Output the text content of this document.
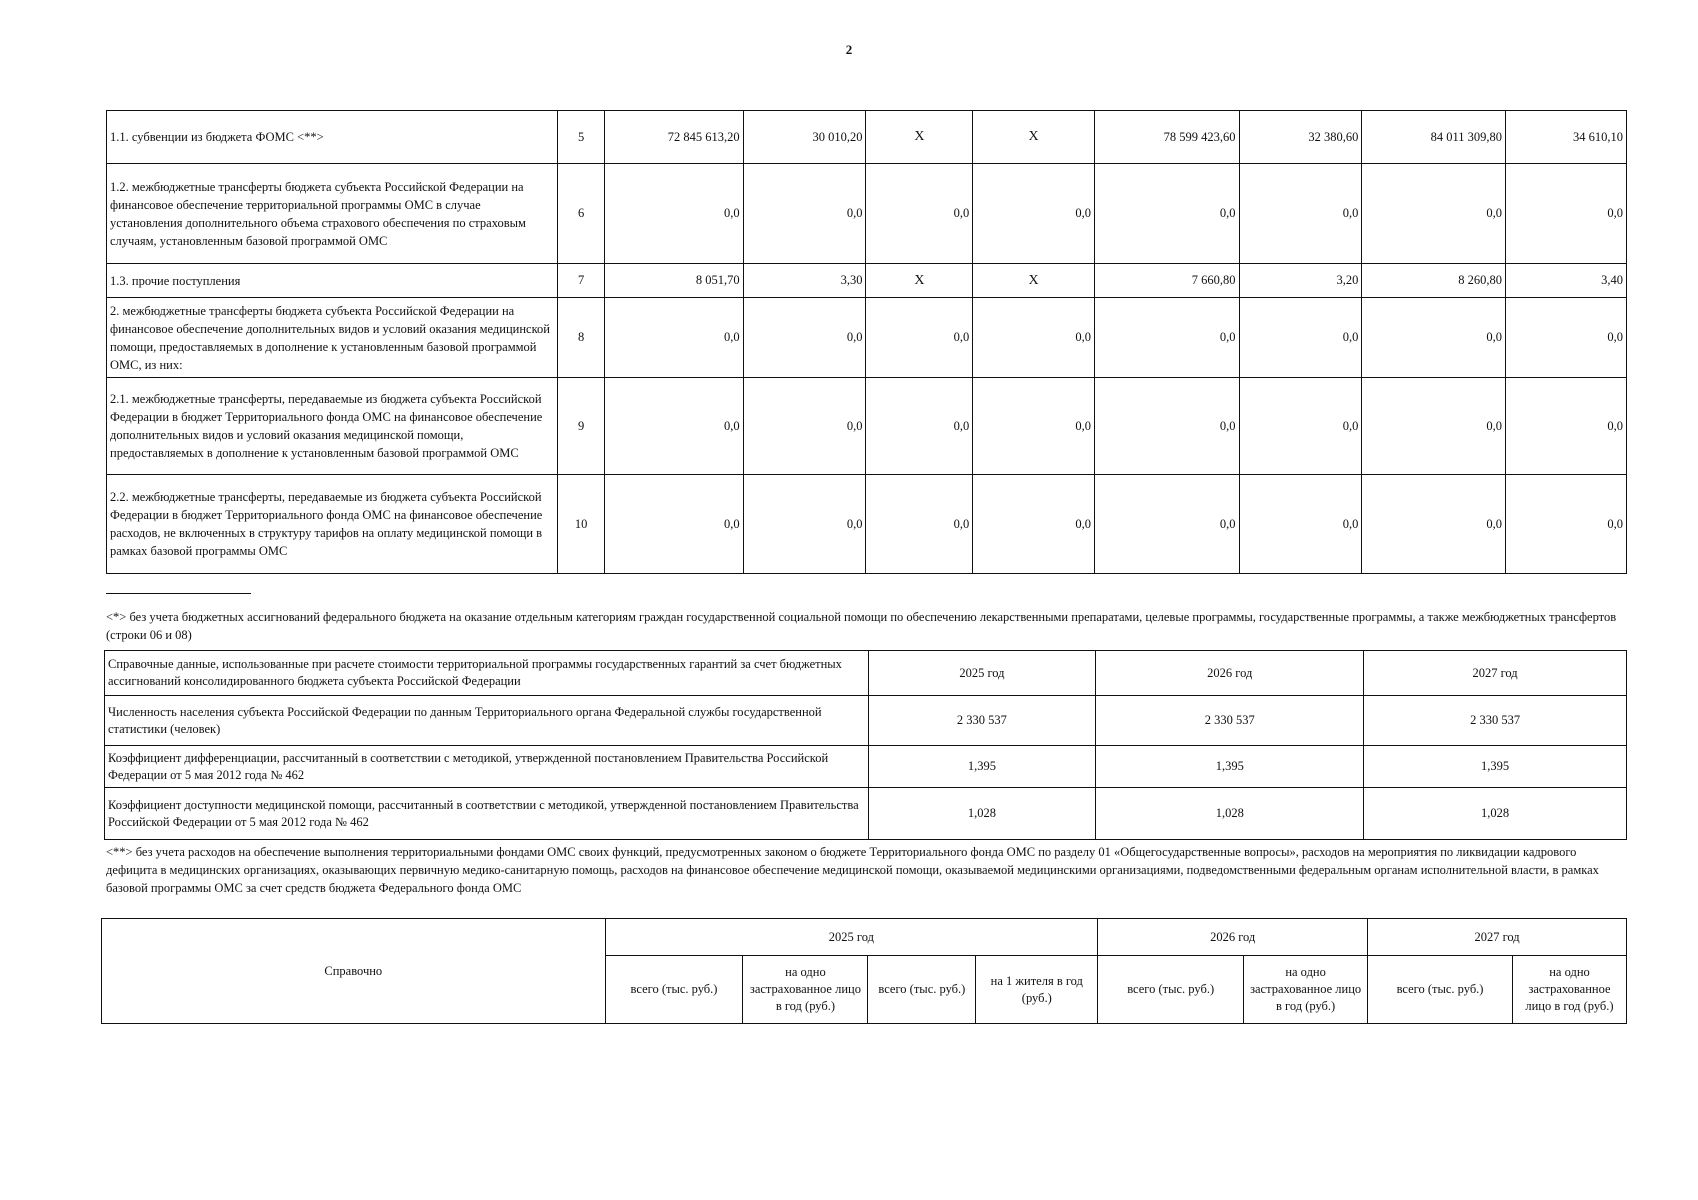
2
1.1. субвенции из бюджета ФОМС <**>	5	72 845 613,20	30 010,20	X	X	78 599 423,60	32 380,60	84 011 309,80	34 610,10
1.2. межбюджетные трансферты бюджета субъекта Российской Федерации на финансовое обеспечение территориальной программы ОМС в случае установления дополнительного объема страхового обеспечения по страховым случаям, установленным базовой программой ОМС	6	0,0	0,0	0,0	0,0	0,0	0,0	0,0	0,0
1.3. прочие поступления	7	8 051,70	3,30	X	X	7 660,80	3,20	8 260,80	3,40
2. межбюджетные трансферты бюджета субъекта Российской Федерации на финансовое обеспечение дополнительных видов и условий оказания медицинской помощи, предоставляемых в дополнение к установленным базовой программой ОМС, из них:	8	0,0	0,0	0,0	0,0	0,0	0,0	0,0	0,0
2.1. межбюджетные трансферты, передаваемые из бюджета субъекта Российской Федерации в бюджет Территориального фонда ОМС на финансовое обеспечение дополнительных видов и условий оказания медицинской помощи, предоставляемых в дополнение к установленным базовой программой ОМС	9	0,0	0,0	0,0	0,0	0,0	0,0	0,0	0,0
2.2. межбюджетные трансферты, передаваемые из бюджета субъекта Российской Федерации в бюджет Территориального фонда ОМС на финансовое обеспечение расходов, не включенных в структуру тарифов на оплату медицинской помощи в рамках базовой программы ОМС	10	0,0	0,0	0,0	0,0	0,0	0,0	0,0	0,0
<*> без учета бюджетных ассигнований федерального бюджета на оказание отдельным категориям граждан государственной социальной помощи по обеспечению лекарственными препаратами, целевые программы, государственные программы, а также межбюджетных трансфертов (строки 06 и 08)
Справочные данные, использованные при расчете стоимости территориальной программы государственных гарантий за счет бюджетных ассигнований консолидированного бюджета субъекта Российской Федерации	2025 год	2026 год	2027 год
Численность населения субъекта Российской Федерации по данным Территориального органа Федеральной службы государственной статистики (человек)	2 330 537	2 330 537	2 330 537
Коэффициент дифференциации, рассчитанный в соответствии с методикой, утвержденной постановлением Правительства Российской Федерации от 5 мая 2012 года № 462	1,395	1,395	1,395
Коэффициент доступности медицинской помощи, рассчитанный в соответствии с методикой, утвержденной постановлением Правительства Российской Федерации от 5 мая 2012 года № 462	1,028	1,028	1,028
<**> без учета расходов на обеспечение выполнения территориальными фондами ОМС своих функций, предусмотренных законом о бюджете Территориального фонда ОМС по разделу 01 «Общегосударственные вопросы», расходов на мероприятия по ликвидации кадрового дефицита в медицинских организациях, оказывающих первичную медико-санитарную помощь, расходов на финансовое обеспечение медицинской помощи, оказываемой медицинскими организациями, подведомственными федеральным органам исполнительной власти, в рамках базовой программы ОМС за счет средств бюджета Федерального фонда ОМС
Справочно	2025 год				2026 год		2027 год	
	всего (тыс. руб.)	на одно застрахованное лицо в год (руб.)	всего (тыс. руб.)	на 1 жителя в год (руб.)	всего (тыс. руб.)	на одно застрахованное лицо в год (руб.)	всего (тыс. руб.)	на одно застрахованное лицо в год (руб.)
